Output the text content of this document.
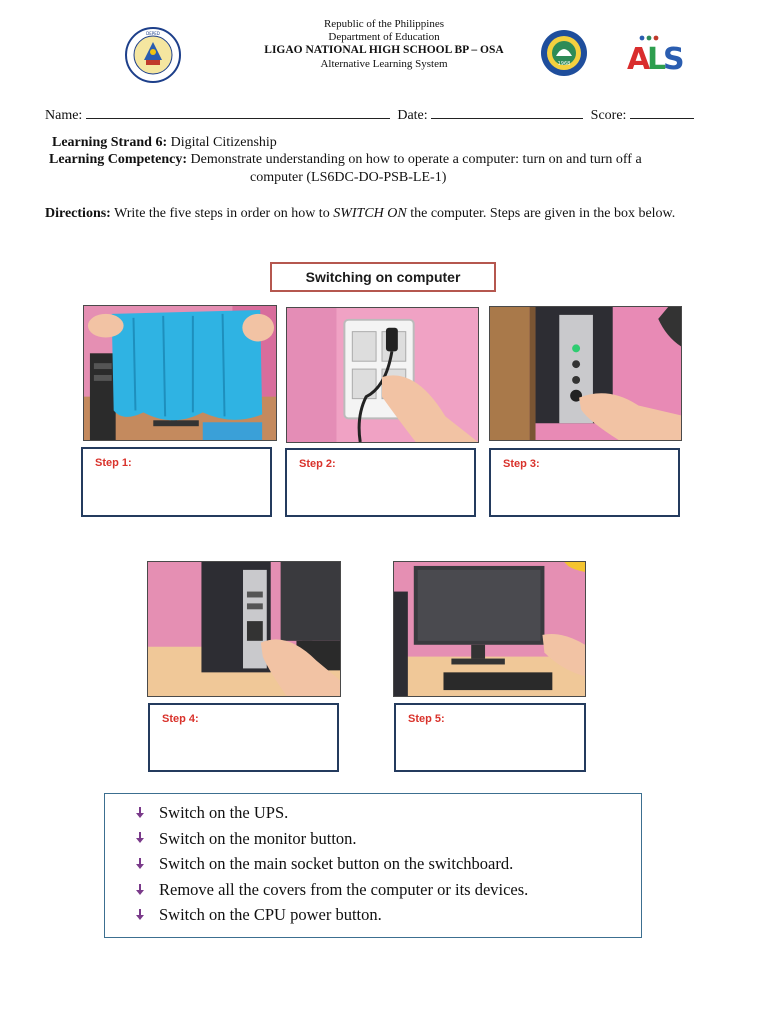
DEPED
Republic of the Philippines
Department of Education
LIGAO NATIONAL HIGH SCHOOL BP – OSA
Alternative Learning System	1968 A
L
S
Name:	Date:	Score:
Learning Strand 6: Digital Citizenship
Learning Competency: Demonstrate understanding on how to operate a computer: turn on and turn off a
computer (LS6DC-DO-PSB-LE-1)
Directions: Write the five steps in order on how to SWITCH ON the computer. Steps are given in the box below.
Switching on computer
Step 1:	Step 2:	Step 3:
Step 4:	Step 5:
Switch on the UPS.
Switch on the monitor button.
Switch on the main socket button on the switchboard.
Remove all the covers from the computer or its devices.
Switch on the CPU power button.
